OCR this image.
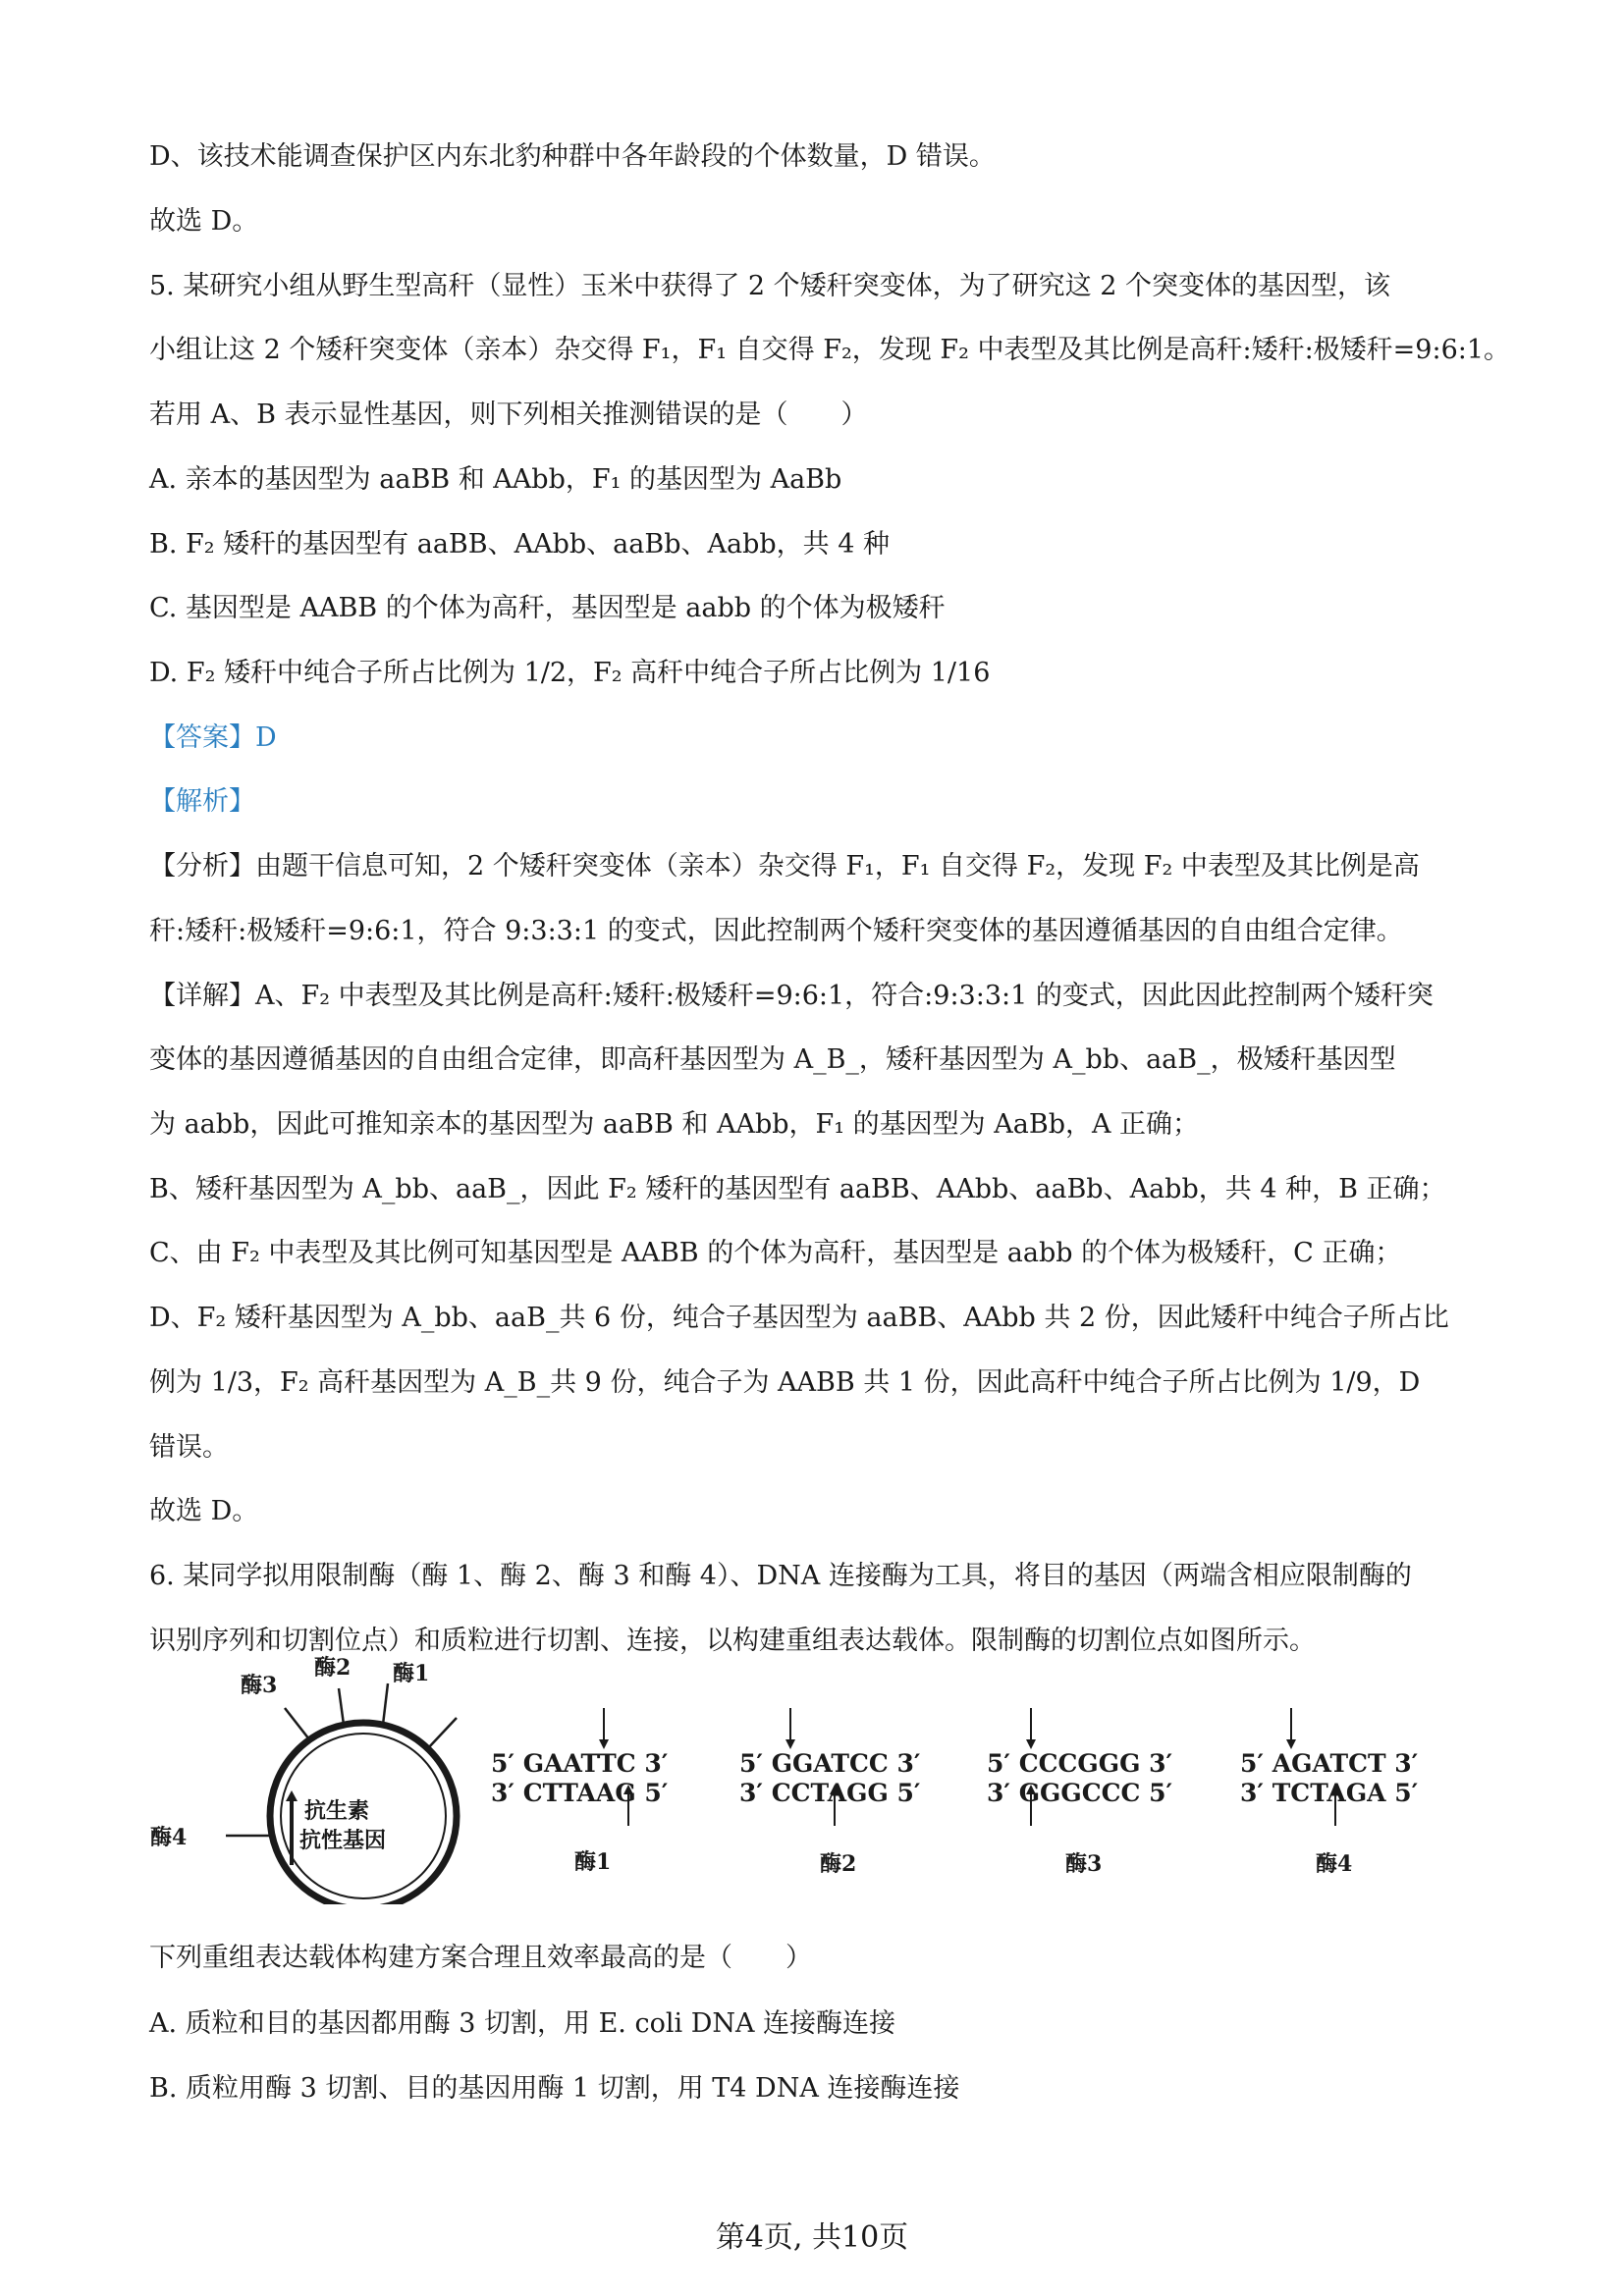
D、该技术能调查保护区内东北豹种群中各年龄段的个体数量，D 错误。
故选 D。
5. 某研究小组从野生型高秆（显性）玉米中获得了 2 个矮秆突变体，为了研究这 2 个突变体的基因型，该
小组让这 2 个矮秆突变体（亲本）杂交得 F₁，F₁ 自交得 F₂，发现 F₂ 中表型及其比例是高秆:矮秆:极矮秆=9:6:1。
若用 A、B 表示显性基因，则下列相关推测错误的是（　　）
A. 亲本的基因型为 aaBB 和 AAbb，F₁ 的基因型为 AaBb
B. F₂ 矮秆的基因型有 aaBB、AAbb、aaBb、Aabb，共 4 种
C. 基因型是 AABB 的个体为高秆，基因型是 aabb 的个体为极矮秆
D. F₂ 矮秆中纯合子所占比例为 1/2，F₂ 高秆中纯合子所占比例为 1/16
【答案】D
【解析】
【分析】由题干信息可知，2 个矮秆突变体（亲本）杂交得 F₁，F₁ 自交得 F₂，发现 F₂ 中表型及其比例是高
秆:矮秆:极矮秆=9:6:1，符合 9:3:3:1 的变式，因此控制两个矮秆突变体的基因遵循基因的自由组合定律。
【详解】A、F₂ 中表型及其比例是高秆:矮秆:极矮秆=9:6:1，符合:9:3:3:1 的变式，因此因此控制两个矮秆突
变体的基因遵循基因的自由组合定律，即高秆基因型为 A_B_，矮秆基因型为 A_bb、aaB_，极矮秆基因型
为 aabb，因此可推知亲本的基因型为 aaBB 和 AAbb，F₁ 的基因型为 AaBb，A 正确；
B、矮秆基因型为 A_bb、aaB_，因此 F₂ 矮秆的基因型有 aaBB、AAbb、aaBb、Aabb，共 4 种，B 正确；
C、由 F₂ 中表型及其比例可知基因型是 AABB 的个体为高秆，基因型是 aabb 的个体为极矮秆，C 正确；
D、F₂ 矮秆基因型为 A_bb、aaB_共 6 份，纯合子基因型为 aaBB、AAbb 共 2 份，因此矮秆中纯合子所占比
例为 1/3，F₂ 高秆基因型为 A_B_共 9 份，纯合子为 AABB 共 1 份，因此高秆中纯合子所占比例为 1/9，D
错误。
故选 D。
6. 某同学拟用限制酶（酶 1、酶 2、酶 3 和酶 4）、DNA 连接酶为工具，将目的基因（两端含相应限制酶的
识别序列和切割位点）和质粒进行切割、连接，以构建重组表达载体。限制酶的切割位点如图所示。
酶3
酶2 酶1
酶4
抗生素
抗性基因
5′ GAATTC 3′
3′ CTTAAG 5′
酶1
5′ GGATCC 3′
3′ CCTAGG 5′
酶2
5′ CCCGGG 3′
3′ GGGCCC 5′
酶3
5′ AGATCT 3′
3′ TCTAGA 5′
酶4
下列重组表达载体构建方案合理且效率最高的是（　　）
A. 质粒和目的基因都用酶 3 切割，用 E. coli DNA 连接酶连接
B. 质粒用酶 3 切割、目的基因用酶 1 切割，用 T4 DNA 连接酶连接
第4页, 共10页
